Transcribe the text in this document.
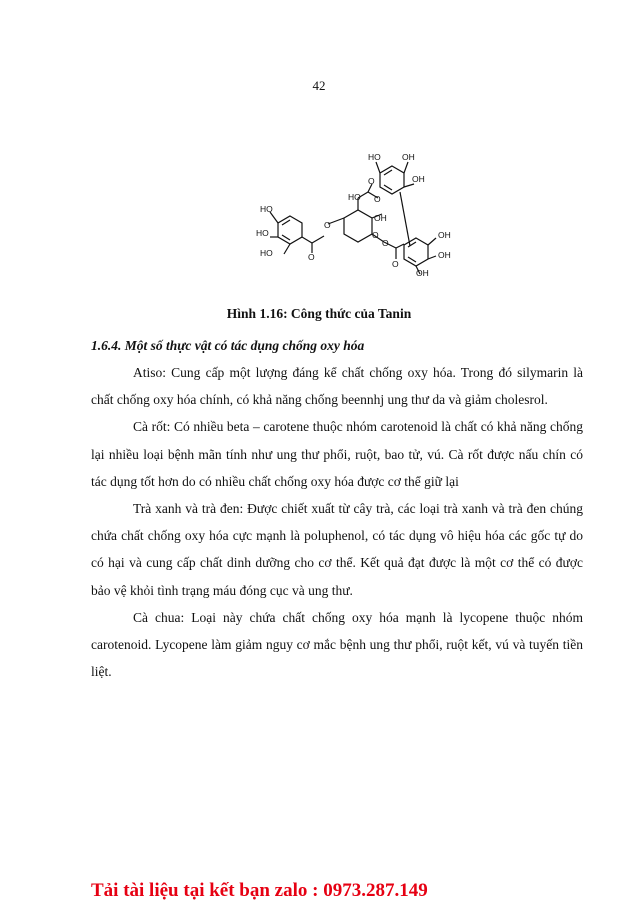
42
HO	OH
OH
HO
HO
HO
HO
OH
OH
OH
OH
O
O
O
O
O
O
O
Hình 1.16: Công thức của Tanin
1.6.4. Một số thực vật có tác dụng chống oxy hóa

Atiso: Cung cấp một lượng đáng kể chất chống oxy hóa. Trong đó silymarin là chất chống oxy hóa chính, có khả năng chống beennhj ung thư da và giảm cholesrol.

Cà rốt: Có nhiều beta – carotene thuộc nhóm carotenoid là chất có khả năng chống lại nhiều loại bệnh mãn tính như ung thư phổi, ruột, bao tử, vú. Cà rốt được nấu chín có tác dụng tốt hơn do có nhiều chất chống oxy hóa được cơ thể giữ lại

Trà xanh và trà đen: Được chiết xuất từ cây trà, các loại trà xanh và trà đen chúng chứa chất chống oxy hóa cực mạnh là poluphenol, có tác dụng vô hiệu hóa các gốc tự do có hại và cung cấp chất dinh dưỡng cho cơ thể. Kết quả đạt được là một cơ thể có được bảo vệ khỏi tình trạng máu đóng cục và ung thư.

Cà chua: Loại này chứa chất chống oxy hóa mạnh là lycopene thuộc nhóm carotenoid. Lycopene làm giảm nguy cơ mắc bệnh ung thư phổi, ruột kết, vú và tuyến tiền liệt.

Tải tài liệu tại kết bạn zalo : 0973.287.149
